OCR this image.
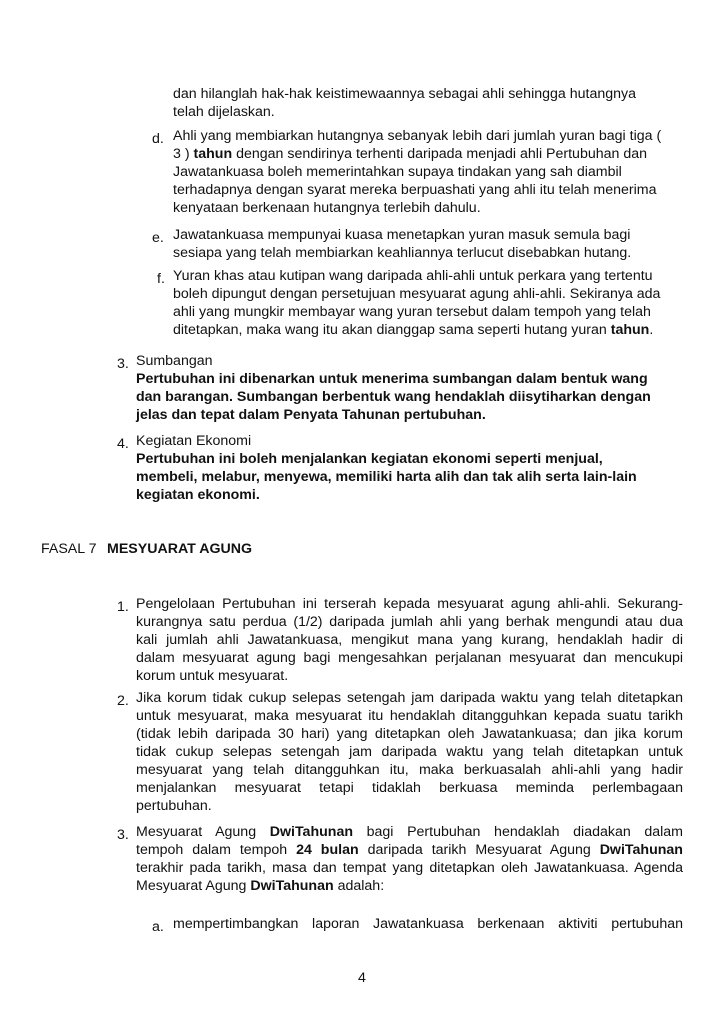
dan hilanglah hak-hak keistimewaannya sebagai ahli sehingga hutangnya
telah dijelaskan.
d. Ahli yang membiarkan hutangnya sebanyak lebih dari jumlah yuran bagi tiga (
3 ) tahun dengan sendirinya terhenti daripada menjadi ahli Pertubuhan dan
Jawatankuasa boleh memerintahkan supaya tindakan yang sah diambil
terhadapnya dengan syarat mereka berpuashati yang ahli itu telah menerima
kenyataan berkenaan hutangnya terlebih dahulu.
e. Jawatankuasa mempunyai kuasa menetapkan yuran masuk semula bagi
sesiapa yang telah membiarkan keahliannya terlucut disebabkan hutang.
f. Yuran khas atau kutipan wang daripada ahli-ahli untuk perkara yang tertentu
boleh dipungut dengan persetujuan mesyuarat agung ahli-ahli. Sekiranya ada
ahli yang mungkir membayar wang yuran tersebut dalam tempoh yang telah
ditetapkan, maka wang itu akan dianggap sama seperti hutang yuran tahun.
3. Sumbangan
Pertubuhan ini dibenarkan untuk menerima sumbangan dalam bentuk wang
dan barangan. Sumbangan berbentuk wang hendaklah diisytiharkan dengan
jelas dan tepat dalam Penyata Tahunan pertubuhan.
4. Kegiatan Ekonomi
Pertubuhan ini boleh menjalankan kegiatan ekonomi seperti menjual,
membeli, melabur, menyewa, memiliki harta alih dan tak alih serta lain-lain
kegiatan ekonomi.
FASAL 7 MESYUARAT AGUNG
1. Pengelolaan Pertubuhan ini terserah kepada mesyuarat agung ahli-ahli. Sekurang-
kurangnya satu perdua (1/2) daripada jumlah ahli yang berhak mengundi atau dua
kali jumlah ahli Jawatankuasa, mengikut mana yang kurang, hendaklah hadir di
dalam mesyuarat agung bagi mengesahkan perjalanan mesyuarat dan mencukupi
korum untuk mesyuarat.
2. Jika korum tidak cukup selepas setengah jam daripada waktu yang telah ditetapkan
untuk mesyuarat, maka mesyuarat itu hendaklah ditangguhkan kepada suatu tarikh
(tidak lebih daripada 30 hari) yang ditetapkan oleh Jawatankuasa; dan jika korum
tidak cukup selepas setengah jam daripada waktu yang telah ditetapkan untuk
mesyuarat yang telah ditangguhkan itu, maka berkuasalah ahli-ahli yang hadir
menjalankan mesyuarat tetapi tidaklah berkuasa meminda perlembagaan
pertubuhan.
3. Mesyuarat Agung DwiTahunan bagi Pertubuhan hendaklah diadakan dalam
tempoh dalam tempoh 24 bulan daripada tarikh Mesyuarat Agung DwiTahunan
terakhir pada tarikh, masa dan tempat yang ditetapkan oleh Jawatankuasa. Agenda
Mesyuarat Agung DwiTahunan adalah:
a. mempertimbangkan laporan Jawatankuasa berkenaan aktiviti pertubuhan
4
